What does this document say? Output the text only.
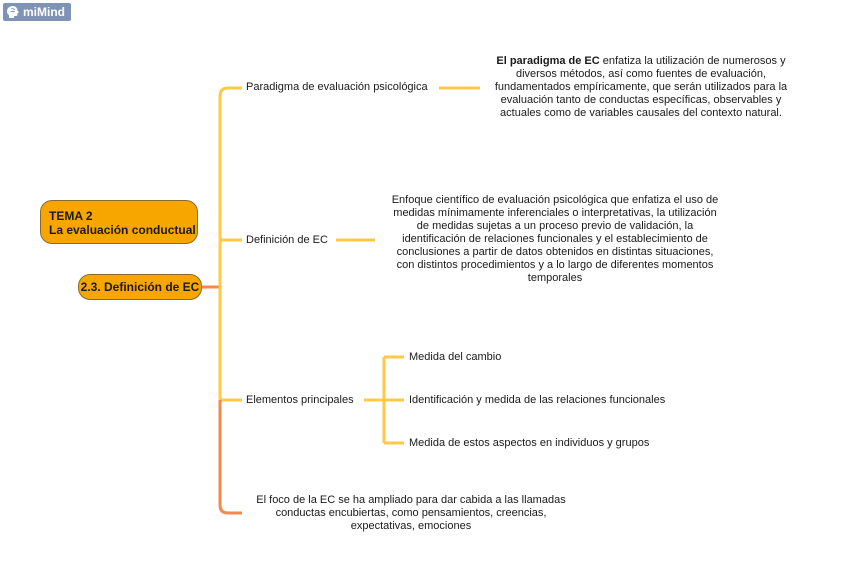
miMind
TEMA 2
La evaluación conductual
2.3. Definición de EC
Paradigma de evaluación psicológica
El paradigma de EC enfatiza la utilización de numerosos y diversos métodos, así como fuentes de evaluación, fundamentados empíricamente, que serán utilizados para la evaluación tanto de conductas específicas, observables y actuales como de variables causales del contexto natural.
Definición de EC
Enfoque científico de evaluación psicológica que enfatiza el uso de medidas mínimamente inferenciales o interpretativas, la utilización de medidas sujetas a un proceso previo de validación, la identificación de relaciones funcionales y el establecimiento de conclusiones a partir de datos obtenidos en distintas situaciones, con distintos procedimientos y a lo largo de diferentes momentos temporales
Elementos principales
Medida del cambio
Identificación y medida de las relaciones funcionales
Medida de estos aspectos en individuos y grupos
El foco de la EC se ha ampliado para dar cabida a las llamadas conductas encubiertas, como pensamientos, creencias, expectativas, emociones
